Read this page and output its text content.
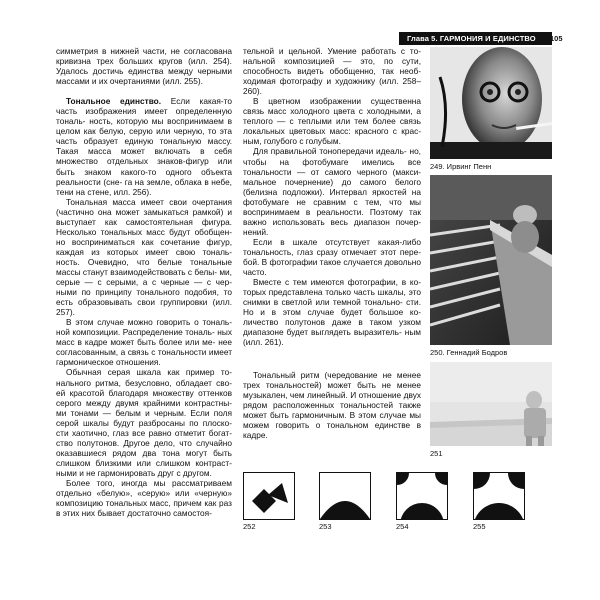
Глава 5. ГАРМОНИЯ И ЕДИНСТВО	105

симметрия в нижней части, не согласована кривизна трех больших кругов (илл. 254). Удалось достичь единства между черными массами и их очертаниями (илл. 255).

Тональное единство. Если какая-то часть изображения имеет определенную тональ- ность, которую мы воспринимаем в целом как белую, серую или черную, то эта часть образует единую тональную массу. Такая масса может включать в себя множество отдельных знаков-фигур или быть знаком какого-то одного объекта реальности (сне- га на земле, облака в небе, тени на стене, илл. 256).

Тональная масса имеет свои очертания (частично она может замыкаться рамкой) и выступает как самостоятельная фигура. Несколько тональных масс будут обобщен- но восприниматься как сочетание фигур, каждая из которых имеет свою тональ- ность. Очевидно, что белые тональные массы станут взаимодействовать с белы- ми, серые — с серыми, а с черные — с чер- ными по принципу тонального подобия, то есть образовывать свои группировки (илл. 257).

В этом случае можно говорить о тональ- ной композиции. Распределение тональ- ных масс в кадре может быть более или ме- нее согласованным, а связь с тональности имеет гармоническое отношения.

Обычная серая шкала как пример то- нального ритма, безусловно, обладает сво- ей красотой благодаря множеству оттенков серого между двумя крайними контрастны- ми тонами — белым и черным. Если поля серой шкалы будут разбросаны по плоско- сти хаотично, глаз все равно отметит богат- ство полутонов. Другое дело, что случайно оказавшиеся рядом два тона могут быть слишком близкими или слишком контраст- ными и не гармонировать друг с другом.

Более того, иногда мы рассматриваем отдельно «белую», «серую» или «черную» композицию тональных масс, причем как раз в этих них бывает достаточно самостоя-

тельной и цельной. Умение работать с то- нальной композицией — это, по сути, способность видеть обобщенно, так необ- ходимая фотографу и художнику (илл. 258–260).

В цветном изображении существенна связь масс холодного цвета с холодными, а теплого — с теплыми или тем более связь локальных цветовых масс: красного с крас- ным, голубого с голубым.

Для правильной тонопередачи идеаль- но, чтобы на фотобумаге имелись все тональности — от самого черного (макси- мальное почернение) до самого белого (белизна подложки). Интервал яркостей на фотобумаге не сравним с тем, что мы воспринимаем в реальности. Поэтому так важно использовать весь диапазон почер- нений.

Если в шкале отсутствует какая-либо тональность, глаз сразу отмечает этот пере- бой. В фотографии такое случается довольно часто.

Вместе с тем имеются фотографии, в ко- торых представлена только часть шкалы, это снимки в светлой или темной тонально- сти. Но и в этом случае будет большое ко- личество полутонов даже в таком узком диапазоне будет выглядеть выразитель- ным (илл. 261).

Тональный ритм (чередование не менее трех тональностей) может быть не менее музыкален, чем линейный. И отношение двух рядом расположенных тональностей также может быть гармоничным. В этом случае мы можем говорить о тональном единстве в кадре.

249. Ирвинг Пенн
250. Геннадий Бодров
251
252	253	254	255
